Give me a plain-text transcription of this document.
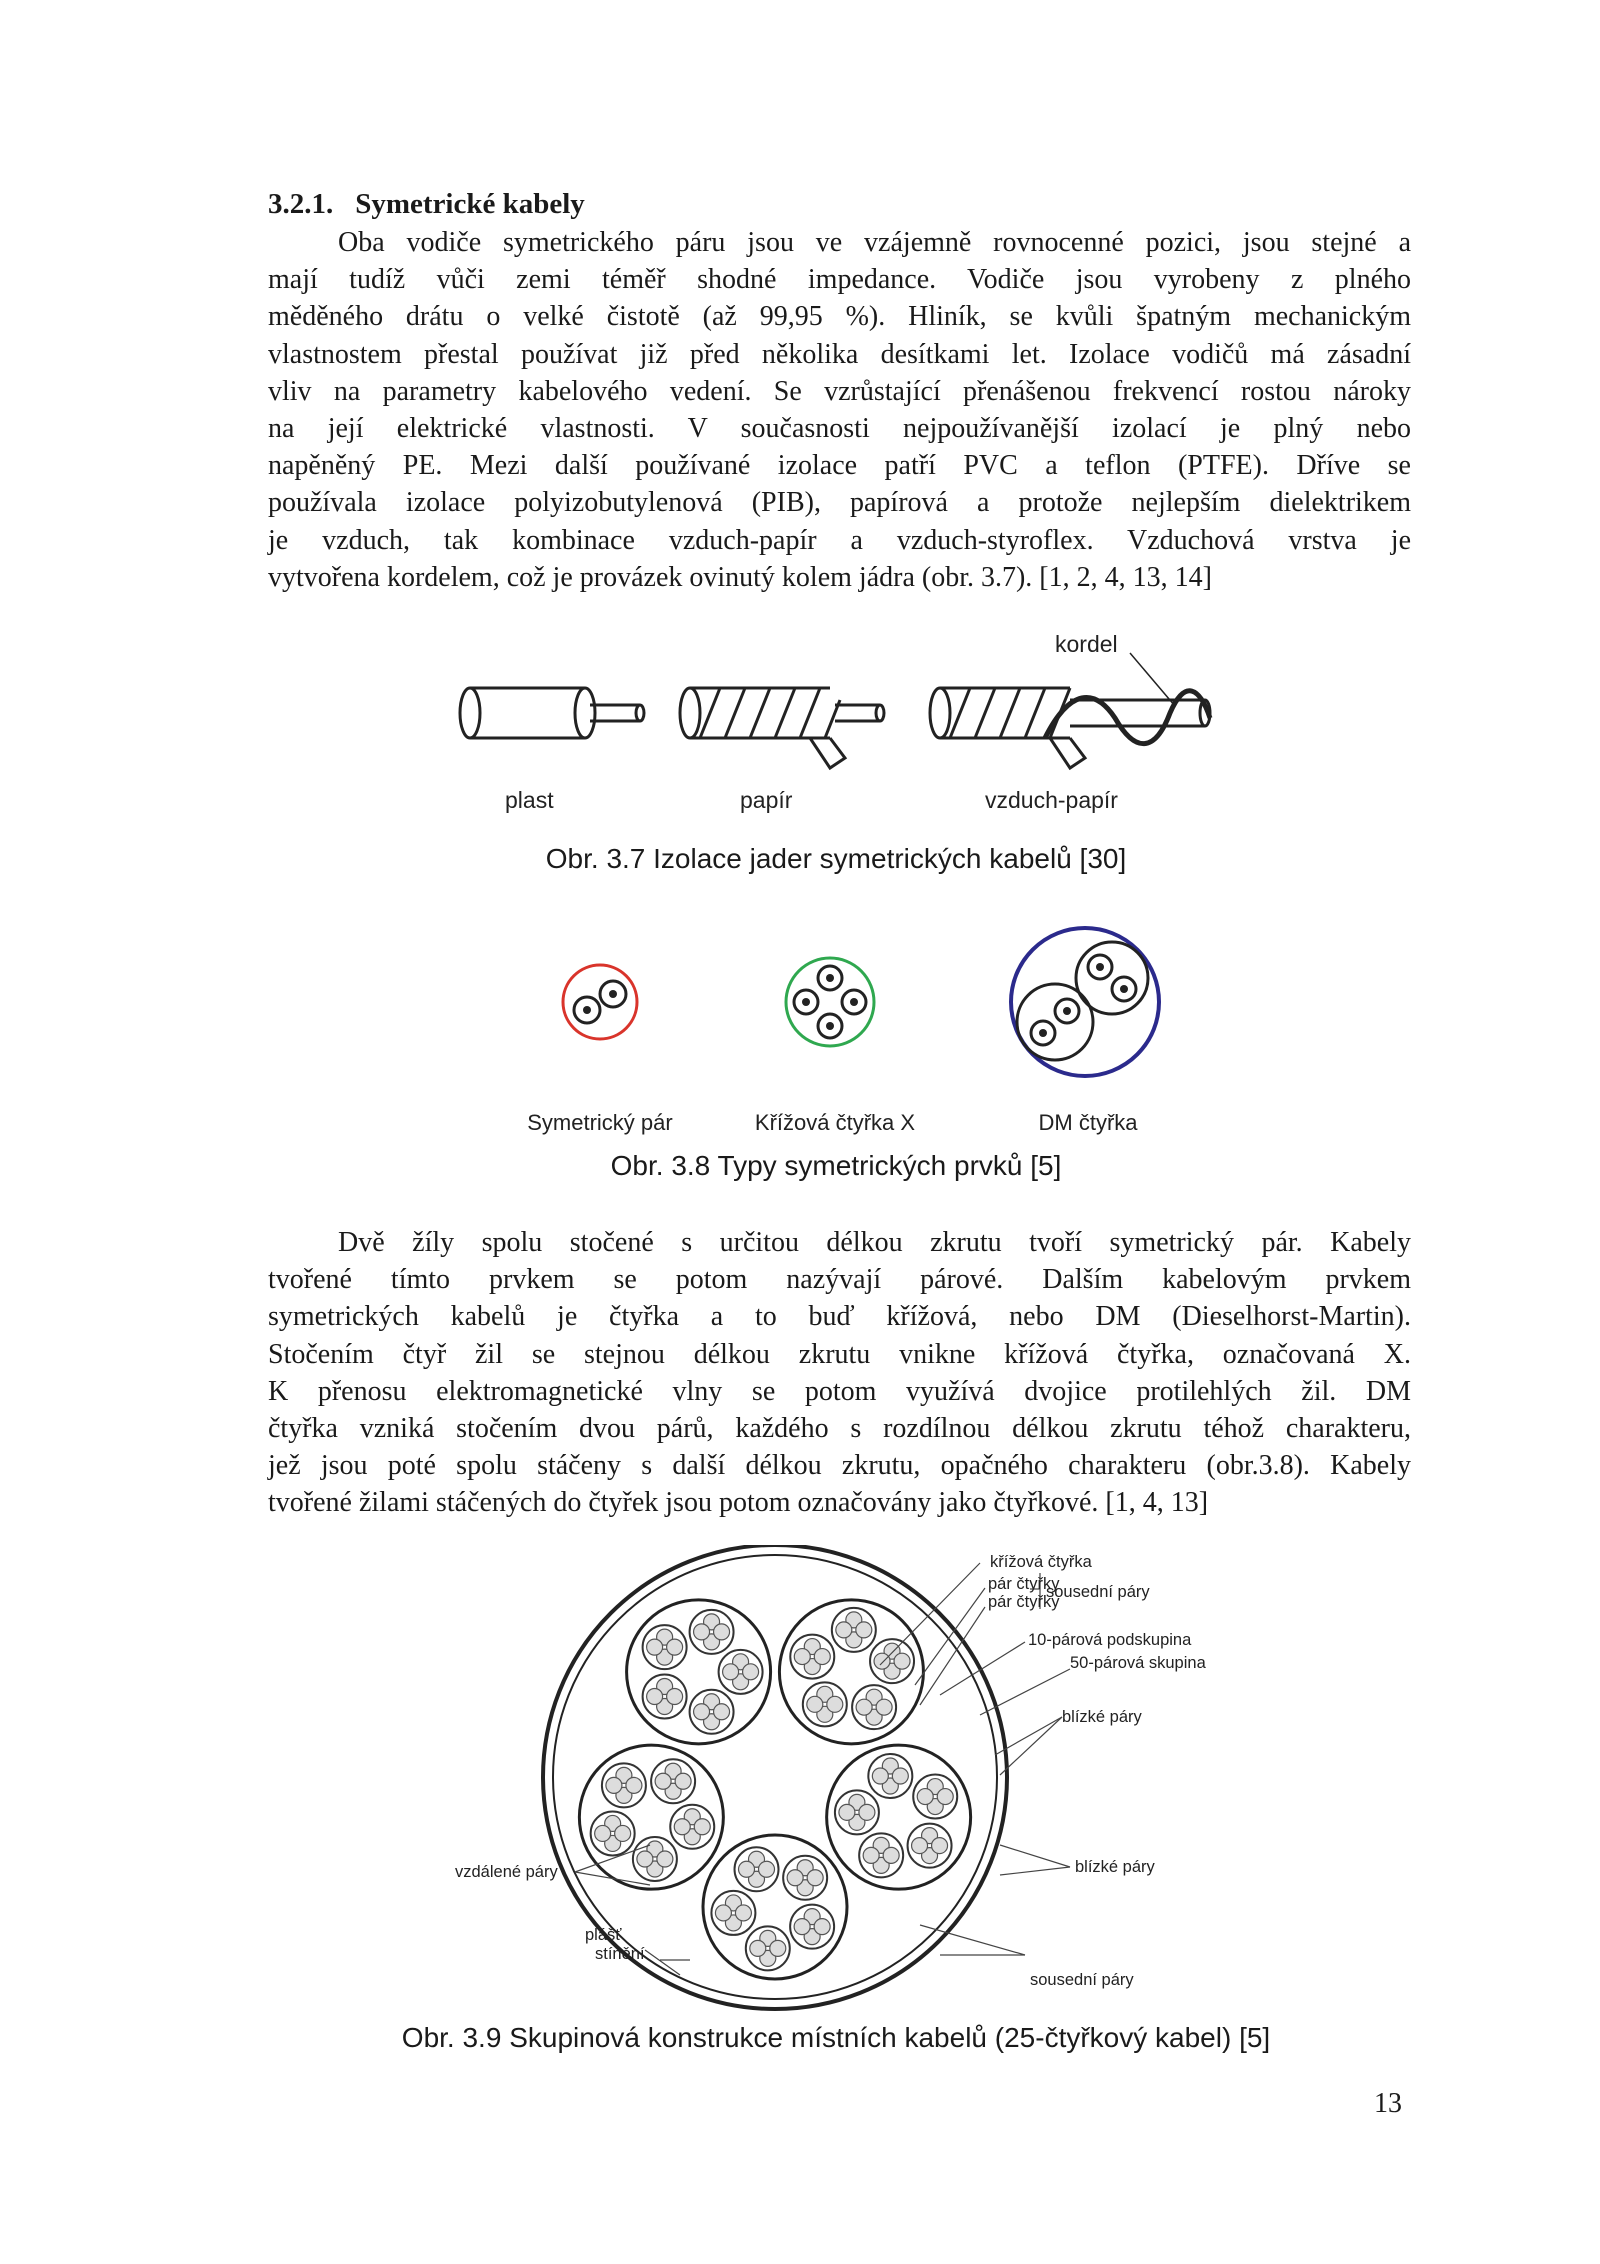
3.2.1. Symetrické kabely
Oba vodiče symetrického páru jsou ve vzájemně rovnocenné pozici, jsou stejné a
mají tudíž vůči zemi téměř shodné impedance. Vodiče jsou vyrobeny z plného
měděného drátu o velké čistotě (až 99,95 %). Hliník, se kvůli špatným mechanickým
vlastnostem přestal používat již před několika desítkami let. Izolace vodičů má zásadní
vliv na parametry kabelového vedení. Se vzrůstající přenášenou frekvencí rostou nároky
na její elektrické vlastnosti. V současnosti nejpoužívanější izolací je plný nebo
napěněný PE. Mezi další používané izolace patří PVC a teflon (PTFE). Dříve se
používala izolace polyizobutylenová (PIB), papírová a protože nejlepším dielektrikem
je vzduch, tak kombinace vzduch-papír a vzduch-styroflex. Vzduchová vrstva je
vytvořena kordelem, což je provázek ovinutý kolem jádra (obr. 3.7). [1, 2, 4, 13, 14]
kordel
plast	papír	vzduch-papír
Obr. 3.7 Izolace jader symetrických kabelů [30]
Symetrický pár	Křížová čtyřka X	DM čtyřka
Obr. 3.8 Typy symetrických prvků [5]
Dvě žíly spolu stočené s určitou délkou zkrutu tvoří symetrický pár. Kabely
tvořené tímto prvkem se potom nazývají párové. Dalším kabelovým prvkem
symetrických kabelů je čtyřka a to buď křížová, nebo DM (Dieselhorst-Martin).
Stočením čtyř žil se stejnou délkou zkrutu vnikne křížová čtyřka, označovaná X.
K přenosu elektromagnetické vlny se potom využívá dvojice protilehlých žil. DM
čtyřka vzniká stočením dvou párů, každého s rozdílnou délkou zkrutu téhož charakteru,
jež jsou poté spolu stáčeny s další délkou zkrutu, opačného charakteru (obr.3.8). Kabely
tvořené žilami stáčených do čtyřek jsou potom označovány jako čtyřkové. [1, 4, 13]
křížová čtyřka
pár čtyřky
pár čtyřky
sousední páry
10-párová podskupina
50-párová skupina
blízké páry
blízké páry
vzdálené páry
plášť
stínění
sousední páry
Obr. 3.9 Skupinová konstrukce místních kabelů (25-čtyřkový kabel) [5]
13
